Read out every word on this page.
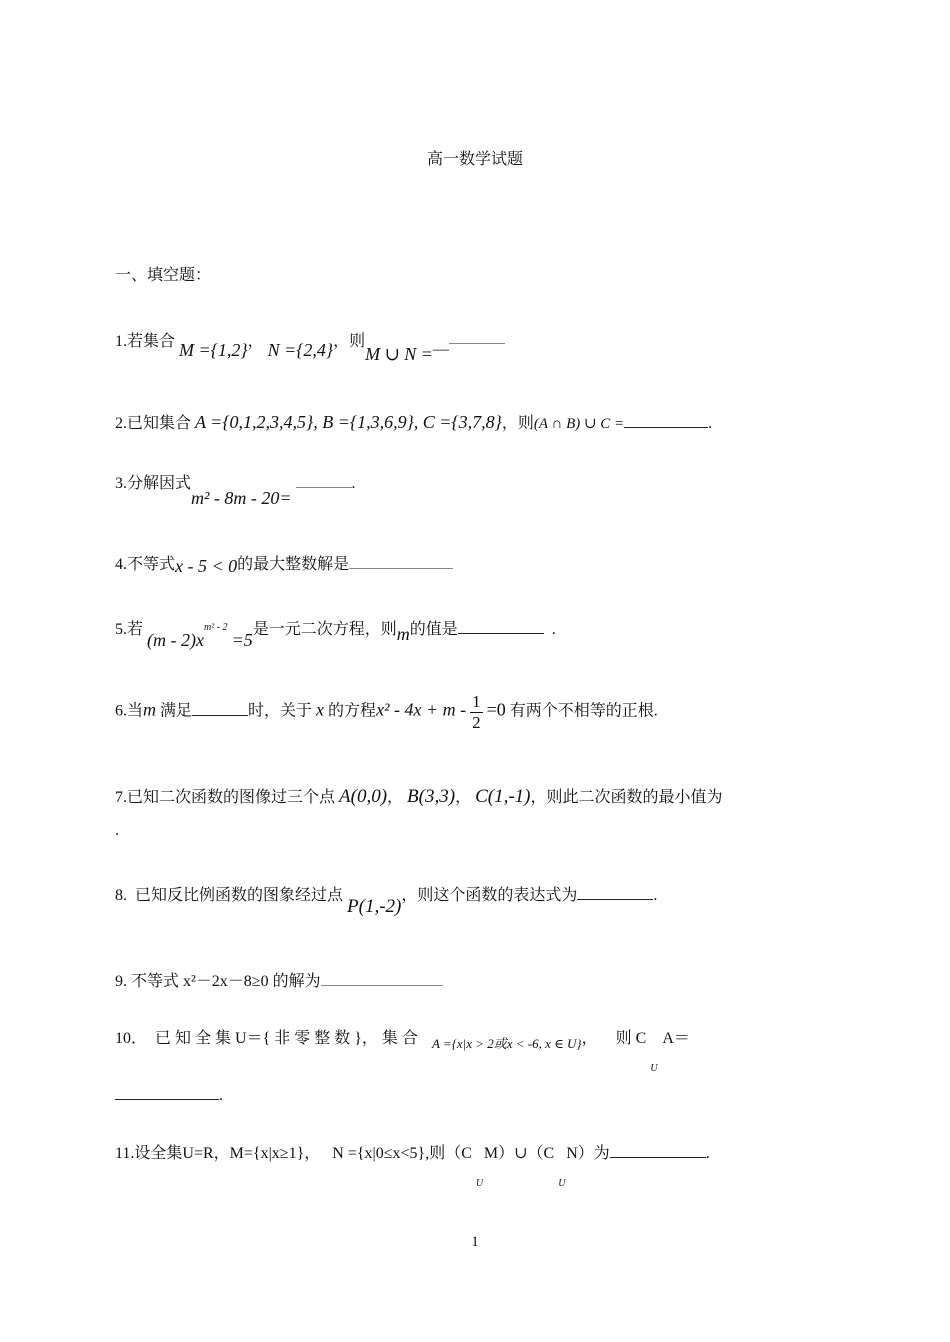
高一数学试题
一、填空题：
1.若集合 M ={1,2}， N ={2,4}，则M ∪ N =—
2.已知集合 A ={0,1,2,3,4,5}, B ={1,3,6,9}, C ={3,7,8}，则(A ∩ B) ∪ C =	.
3.分解因式 m² - 8m - 20=.
4.不等式x - 5 < 0的最大整数解是
5.若 $(m - 2)x^{m^2 - 2} =5$是一元二次方程，则m的值是	.
6.当m 满足	时，关于 x 的方程$x^2 - 4x + m - \frac{1}{2} =0$ 有两个不相等的正根.
7.已知二次函数的图像过三个点 A(0,0)， B(3,3)， C(1,-1)，则此二次函数的最小值为
.
8. 已知反比例函数的图象经过点 P(1,-2)，则这个函数的表达式为	.
9. 不等式 x²－2x－8≥0 的解为
10． 已 知 全 集 U＝{ 非 零 整 数 }， 集 合 $_{A =\{x|x > 2或x < -6, x \in U\}}$， 则 C
U
A＝
.
11.设全集U=R，M={x|x≥1}， N ={x|0≤x<5},则（C
U
M）∪（C
U
N）为	.
1
